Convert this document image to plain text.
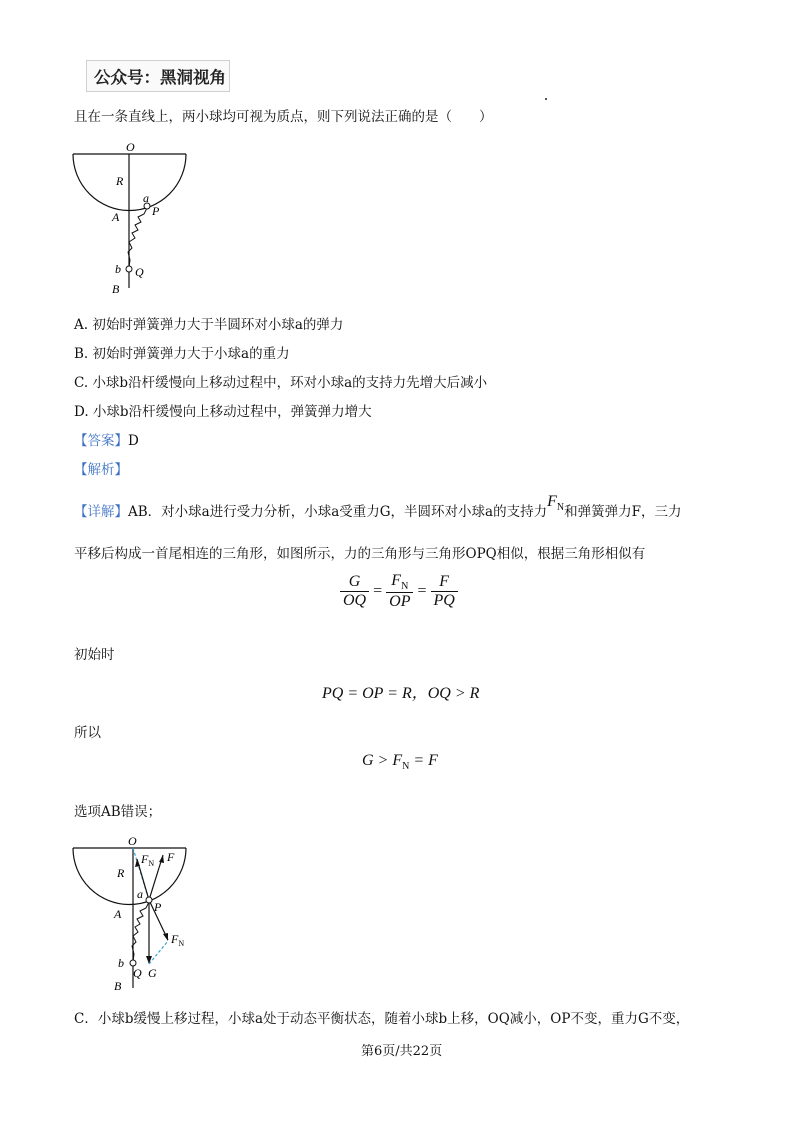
公众号：黑洞视角
且在一条直线上，两小球均可视为质点，则下列说法正确的是（　　）
O
R
a
P
A
b Q
B
A. 初始时弹簧弹力大于半圆环对小球a的弹力
B. 初始时弹簧弹力大于小球a的重力
C. 小球b沿杆缓慢向上移动过程中，环对小球a的支持力先增大后减小
D. 小球b沿杆缓慢向上移动过程中，弹簧弹力增大
【答案】D
【解析】
【详解】AB．对小球a进行受力分析，小球a受重力G，半圆环对小球a的支持力$F_N$和弹簧弹力F，三力
平移后构成一首尾相连的三角形，如图所示，力的三角形与三角形OPQ相似，根据三角形相似有
$\frac{G}{OQ} = \frac{F_N}{OP} = \frac{F}{PQ}$
初始时
PQ = OP = R，OQ > R
所以
$G > F_N = F$
选项AB错误；
O
$F_N$ F
R
a
P
A
$F_N$
b
Q G
B
C．小球b缓慢上移过程，小球a处于动态平衡状态，随着小球b上移，OQ减小，OP不变，重力G不变，
第6页/共22页
